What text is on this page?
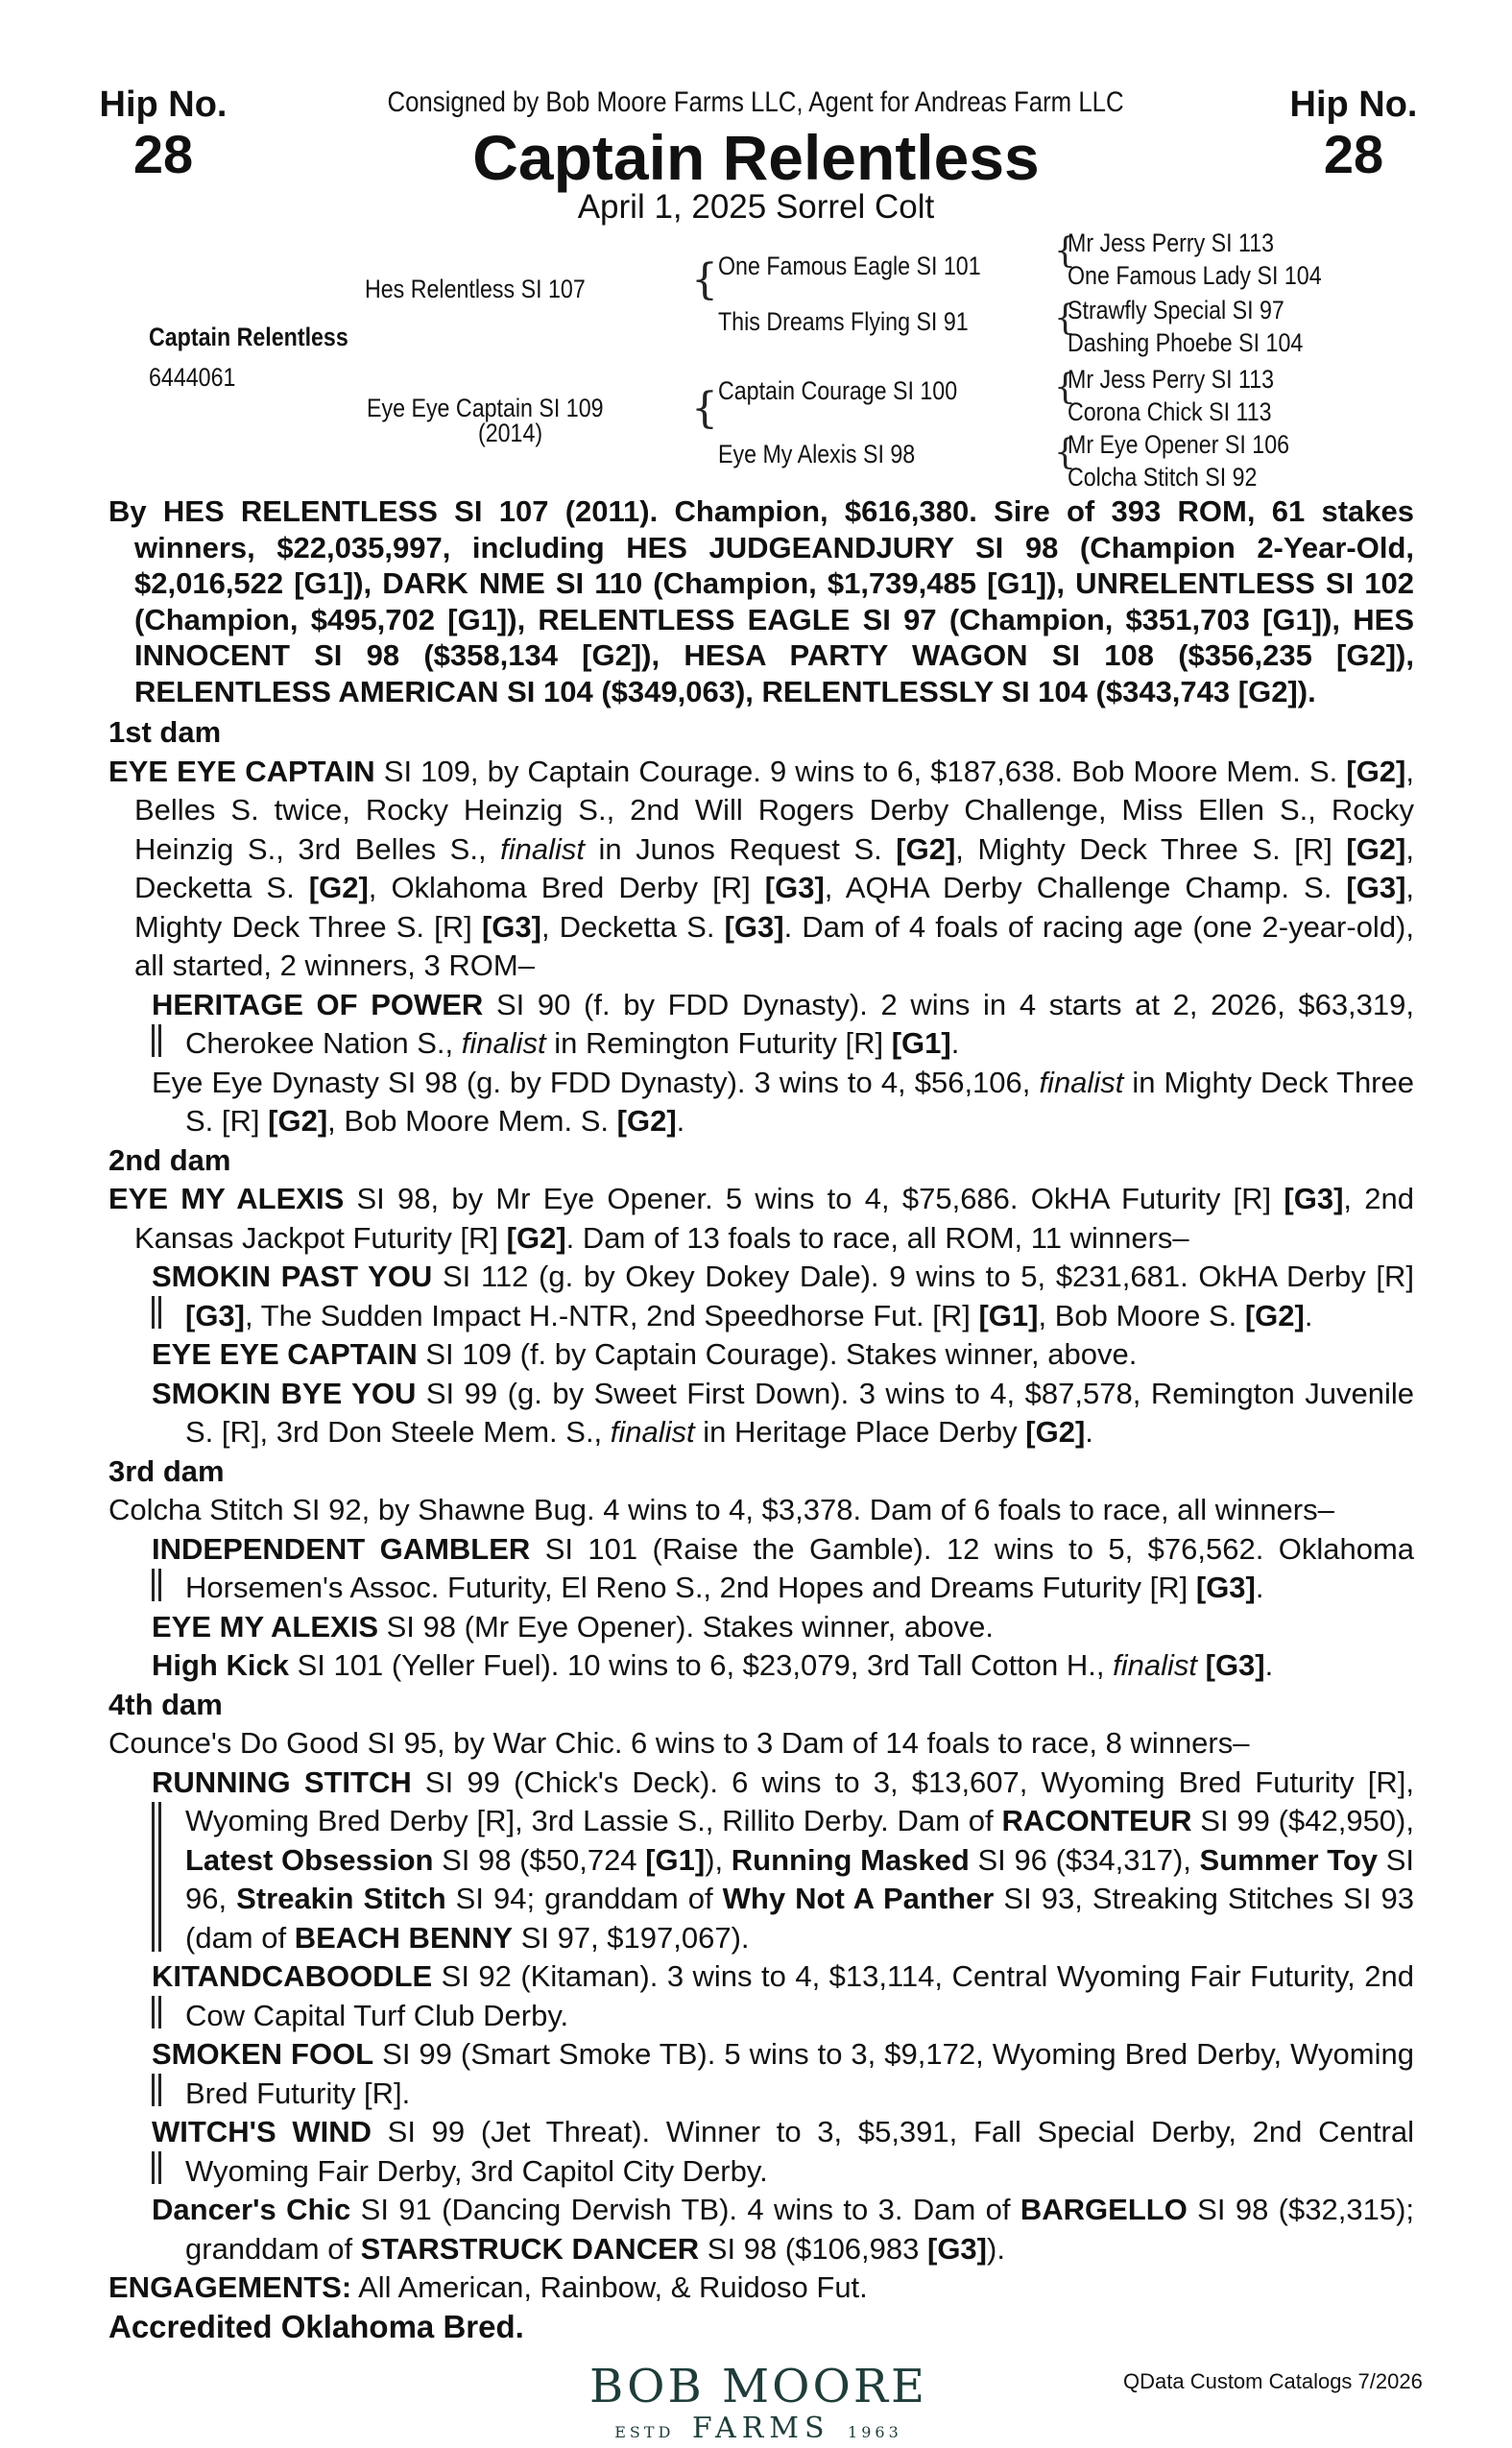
Hip No.
28
Hip No.
28
Consigned by Bob Moore Farms LLC, Agent for Andreas Farm LLC
Captain Relentless
April 1, 2025 Sorrel Colt
Captain Relentless
6444061
Hes Relentless SI 107
Eye Eye Captain SI 109
(2014)
{ One Famous Eagle SI 101
This Dreams Flying SI 91
{ Captain Courage SI 100
Eye My Alexis SI 98
{
Mr Jess Perry SI 113
One Famous Lady SI 104
{
Strawfly Special SI 97
Dashing Phoebe SI 104
{
Mr Jess Perry SI 113
Corona Chick SI 113
{
Mr Eye Opener SI 106
Colcha Stitch SI 92
By HES RELENTLESS SI 107 (2011). Champion, $616,380. Sire of 393 ROM, 61 stakes winners, $22,035,997, including HES JUDGEANDJURY SI 98 (Champion 2-Year-Old, $2,016,522 [G1]), DARK NME SI 110 (Champion, $1,739,485 [G1]), UNRELENTLESS SI 102 (Champion, $495,702 [G1]), RELENTLESS EAGLE SI 97 (Champion, $351,703 [G1]), HES INNOCENT SI 98 ($358,134 [G2]), HESA PARTY WAGON SI 108 ($356,235 [G2]), RELENTLESS AMERICAN SI 104 ($349,063), RELENTLESSLY SI 104 ($343,743 [G2]).
1st dam
EYE EYE CAPTAIN SI 109, by Captain Courage. 9 wins to 6, $187,638. Bob Moore Mem. S. [G2], Belles S. twice, Rocky Heinzig S., 2nd Will Rogers Derby Challenge, Miss Ellen S., Rocky Heinzig S., 3rd Belles S., finalist in Junos Request S. [G2], Mighty Deck Three S. [R] [G2], Decketta S. [G2], Oklahoma Bred Derby [R] [G3], AQHA Derby Challenge Champ. S. [G3], Mighty Deck Three S. [R] [G3], Decketta S. [G3]. Dam of 4 foals of racing age (one 2-year-old), all started, 2 winners, 3 ROM–
HERITAGE OF POWER SI 90 (f. by FDD Dynasty). 2 wins in 4 starts at 2, 2026, $63,319, Cherokee Nation S., finalist in Remington Futurity [R] [G1].
Eye Eye Dynasty SI 98 (g. by FDD Dynasty). 3 wins to 4, $56,106, finalist in Mighty Deck Three S. [R] [G2], Bob Moore Mem. S. [G2].
2nd dam
EYE MY ALEXIS SI 98, by Mr Eye Opener. 5 wins to 4, $75,686. OkHA Futurity [R] [G3], 2nd Kansas Jackpot Futurity [R] [G2]. Dam of 13 foals to race, all ROM, 11 winners–
SMOKIN PAST YOU SI 112 (g. by Okey Dokey Dale). 9 wins to 5, $231,681. OkHA Derby [R] [G3], The Sudden Impact H.-NTR, 2nd Speedhorse Fut. [R] [G1], Bob Moore S. [G2].
EYE EYE CAPTAIN SI 109 (f. by Captain Courage). Stakes winner, above.
SMOKIN BYE YOU SI 99 (g. by Sweet First Down). 3 wins to 4, $87,578, Remington Juvenile S. [R], 3rd Don Steele Mem. S., finalist in Heritage Place Derby [G2].
3rd dam
Colcha Stitch SI 92, by Shawne Bug. 4 wins to 4, $3,378. Dam of 6 foals to race, all winners–
INDEPENDENT GAMBLER SI 101 (Raise the Gamble). 12 wins to 5, $76,562. Oklahoma Horsemen's Assoc. Futurity, El Reno S., 2nd Hopes and Dreams Futurity [R] [G3].
EYE MY ALEXIS SI 98 (Mr Eye Opener). Stakes winner, above.
High Kick SI 101 (Yeller Fuel). 10 wins to 6, $23,079, 3rd Tall Cotton H., finalist [G3].
4th dam
Counce's Do Good SI 95, by War Chic. 6 wins to 3 Dam of 14 foals to race, 8 winners–
RUNNING STITCH SI 99 (Chick's Deck). 6 wins to 3, $13,607, Wyoming Bred Futurity [R], Wyoming Bred Derby [R], 3rd Lassie S., Rillito Derby. Dam of RACONTEUR SI 99 ($42,950), Latest Obsession SI 98 ($50,724 [G1]), Running Masked SI 96 ($34,317), Summer Toy SI 96, Streakin Stitch SI 94; granddam of Why Not A Panther SI 93, Streaking Stitches SI 93 (dam of BEACH BENNY SI 97, $197,067).
KITANDCABOODLE SI 92 (Kitaman). 3 wins to 4, $13,114, Central Wyoming Fair Futurity, 2nd Cow Capital Turf Club Derby.
SMOKEN FOOL SI 99 (Smart Smoke TB). 5 wins to 3, $9,172, Wyoming Bred Derby, Wyoming Bred Futurity [R].
WITCH'S WIND SI 99 (Jet Threat). Winner to 3, $5,391, Fall Special Derby, 2nd Central Wyoming Fair Derby, 3rd Capitol City Derby.
Dancer's Chic SI 91 (Dancing Dervish TB). 4 wins to 3. Dam of BARGELLO SI 98 ($32,315); granddam of STARSTRUCK DANCER SI 98 ($106,983 [G3]).
ENGAGEMENTS: All American, Rainbow, & Ruidoso Fut.
Accredited Oklahoma Bred.
BOB MOORE
ESTD FARMS 1963
QData Custom Catalogs 7/2026
